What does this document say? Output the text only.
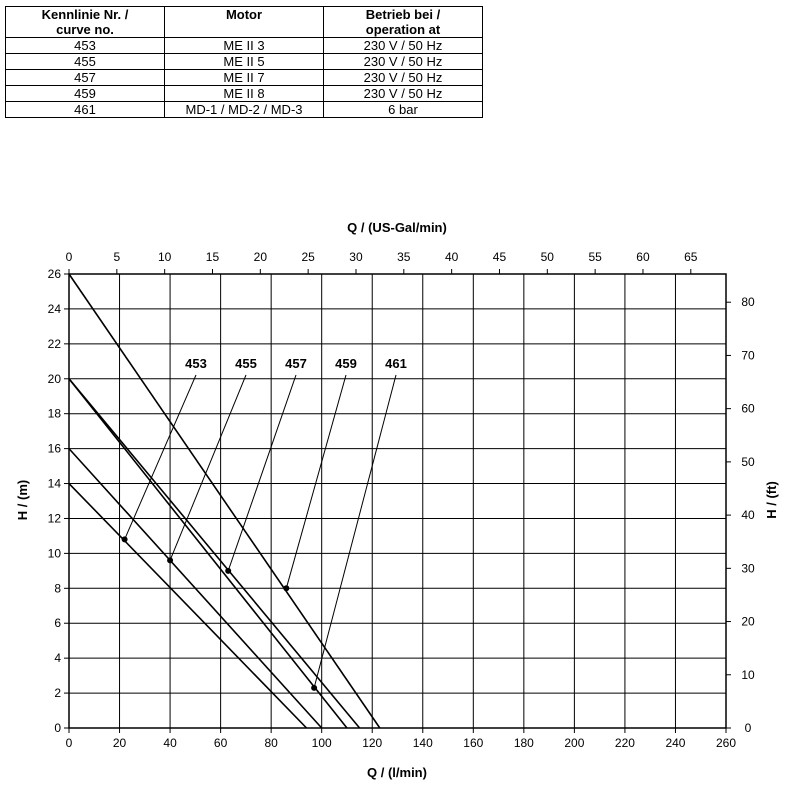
Kennlinie Nr. /
curve no.	Motor	Betrieb bei /
operation at
453	ME II 3	230 V / 50 Hz
455	ME II 5	230 V / 50 Hz
457	ME II 7	230 V / 50 Hz
459	ME II 8	230 V / 50 Hz
461	MD-1 / MD-2 / MD-3	6 bar
0	20	40	60	80	100	120	140	160	180	200	220	240	260
0
2
4
6
8
10
12
14
16
18
20
22
24
26
0	5	10	15	20	25	30	35	40	45	50	55	60	65
0
10
20
30
40
50
60
70
80
453 455 457 459 461
Q / (l/min)
Q / (US-Gal/min)
H / (m)	H / (ft)
